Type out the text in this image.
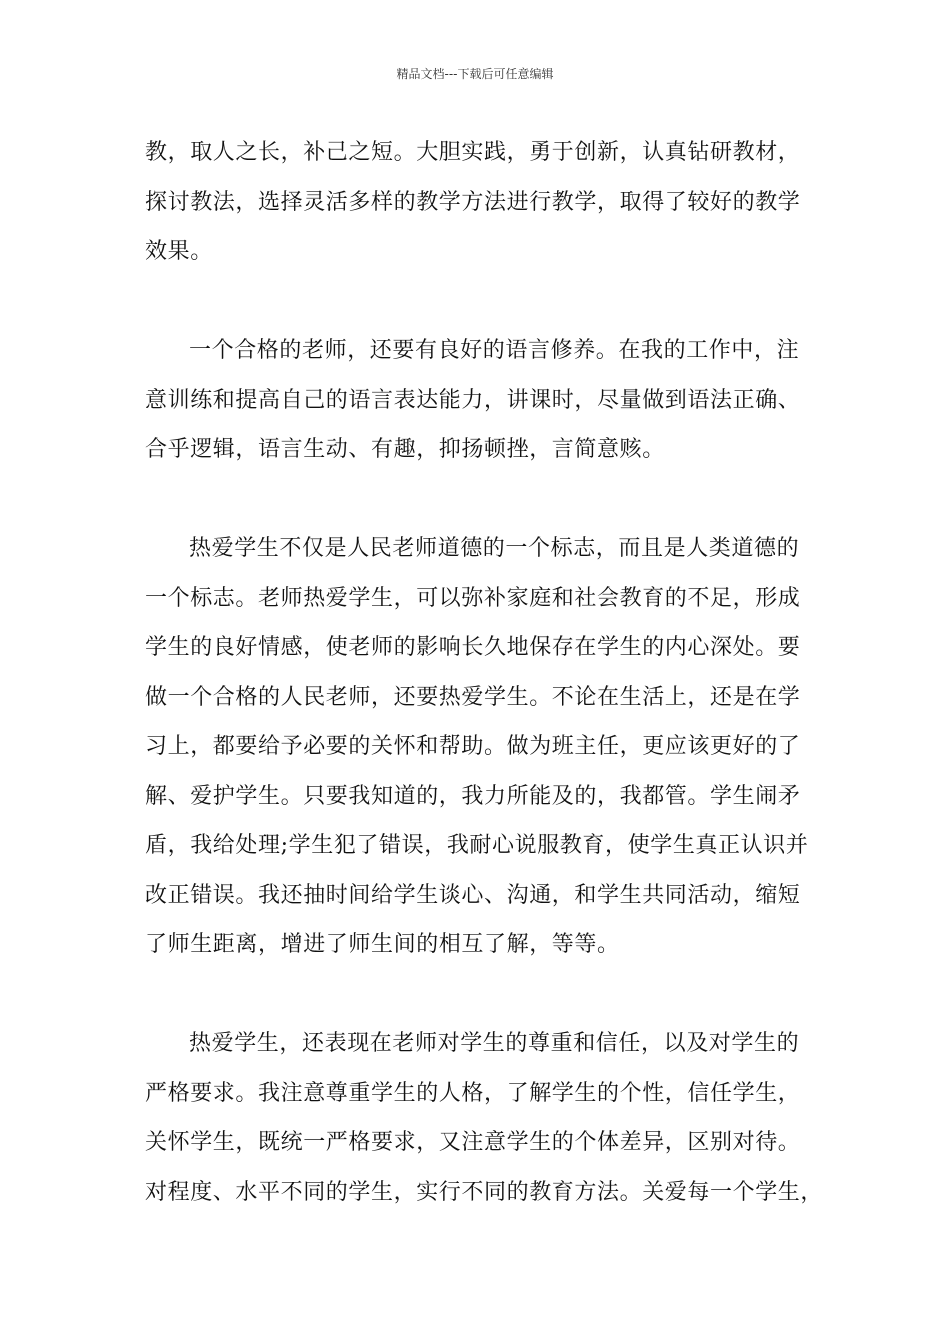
精品文档---下载后可任意编辑
教，取人之长，补己之短。大胆实践，勇于创新，认真钻研教材，
探讨教法，选择灵活多样的教学方法进行教学，取得了较好的教学
效果。
一个合格的老师，还要有良好的语言修养。在我的工作中，注
意训练和提高自己的语言表达能力，讲课时，尽量做到语法正确、
合乎逻辑，语言生动、有趣，抑扬顿挫，言简意赅。
热爱学生不仅是人民老师道德的一个标志，而且是人类道德的
一个标志。老师热爱学生，可以弥补家庭和社会教育的不足，形成
学生的良好情感，使老师的影响长久地保存在学生的内心深处。要
做一个合格的人民老师，还要热爱学生。不论在生活上，还是在学
习上，都要给予必要的关怀和帮助。做为班主任，更应该更好的了
解、爱护学生。只要我知道的，我力所能及的，我都管。学生闹矛
盾，我给处理;学生犯了错误，我耐心说服教育，使学生真正认识并
改正错误。我还抽时间给学生谈心、沟通，和学生共同活动，缩短
了师生距离，增进了师生间的相互了解，等等。
热爱学生，还表现在老师对学生的尊重和信任，以及对学生的
严格要求。我注意尊重学生的人格，了解学生的个性，信任学生，
关怀学生，既统一严格要求，又注意学生的个体差异，区别对待。
对程度、水平不同的学生，实行不同的教育方法。关爱每一个学生，
